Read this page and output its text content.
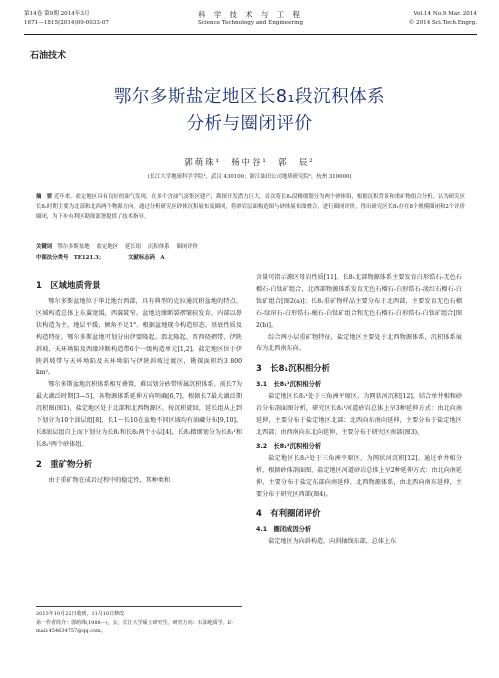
第14卷 第9期 2014年3月
1671—1815(2014)09-0033-07
科 学 技 术 与 工 程
Science Technology and Engineering
Vol.14 No.9 Mar. 2014
© 2014 Sci.Tech.Engrg.
石油技术
鄂尔多斯盐定地区长8₁段沉积体系
分析与圈闭评价
郭萌珠¹　杨中谷¹　郭　辰²
(长江大学地球科学学院¹，武汉 430100；浙江油田公司地质研究院²，杭州 310000)
摘　要 近年来，盐定地区具有良好的油气发现，在多个含油气富集区建产，勘探开发潜力巨大。首次将长8₁段精细划分为两个砂体组，根据沉积背景和重矿物组合分析，认为研究区长8₁时期主要为北部和北西两个物源方向。通过分析研究区砂体沉积展布及圈闭，将砂岩层面构造图与砂体展布图叠合，进行圈闭评价，得出研究区长8₁存在8个规模圈闭和2个评价圈闭，为下步有利区勘探部署提供了技术指导。
关键词 鄂尔多斯盆地 盐定地区 延长组 沉积体系 圈闭评价
中图法分类号　TE121.3；	文献标志码　A
1　区域地质背景

鄂尔多斯盆地位于华北地台西部，具有典型的克拉通沉积盆地的特点。区域构造总体上东翼宽缓，西翼陡窄。盆地边缘断裂褶皱较发育，内部以鼻状构造为主，地层平缓，倾角不足1°。根据盆地现今构造形态、基底性质及构造特征，鄂尔多斯盆地可划分出伊盟隆起、渭北隆起、晋西挠褶带、伊陕斜坡、天环坳陷及西缘冲断构造带6个一级构造单元[1,2]。盐定地区位于伊陕斜坡带与天环坳陷及天环坳陷与伊陕斜坡过渡区，勘探面积约3 800 km²。

鄂尔多斯盆地沉积体系相互叠置，难以划分砂带所属沉积体系。前长7为最大湖泛时期[3—5]，各物源体系延伸方向明确[6,7]。根据长7最大湖泛期沉积图(图1)，盐定地区处于北部和北西物源区。按沉积旋回，延长组从上到下划分为10个油层组[8]，长1～长10在盆地不同区域均有油藏分布[9,10]。长8油层组自上而下划分为长8₁和长8₂两个小层[4]。长8₁精细划分为长8₁¹和长8₁²两个砂体组。

2　重矿物分析

由于重矿物在成岩过程中的稳定性，其种类和

含量可指示源区母岩性质[11]。长8₁北部物源体系主要发育白形锆石-无色石榴石-白钛矿组合，北西部物源体系发育无色石榴石-白形锆石-淡红石榴石-白钛矿组合[图2(a)]；长8₁重矿物样品主要分布于北西部，主要发育无色石榴石-绿帘石-白形锆石-榍石-白钛矿组合和无色石榴石-白形锆石-白钛矿组合[图2(b)]。

综合两小层重矿物特征，盐定地区主要处于北西物源体系，沉积体系展布为北西南东向。

3　长8₁沉积相分析
3.1　长8₁¹沉积相分析

盐定地区长8₁¹处于三角洲平原区，为网状河沉积[12]。结合单井相和砂岩分布剖面图分析，研究区长8₁¹河道砂岩总体上呈3种延伸方式：由北向南延伸，主要分布于盐定地区北部；北西向东南向延伸，主要分布于盐定地区北西部；由西南向东北向延伸，主要分布于研究区南部(图3)。

3.2　长8₁²沉积相分析

盐定地区长8₁²处于三角洲平原区，为网状河沉积[12]。通过单井相分析，根据砂体剖面图，盐定地区河道砂岩总体上呈2种延伸方式：由北向南延伸，主要分布于盐定东部向南延伸，北西物源体系，由北西向南东延伸，主要分布于研究区西部(图4)。

4　有利圈闭评价
4.1　圈闭成因分析

盐定地区为向斜构造，向斜轴线东部，总体上东

2013年10月22日收到，11月10日修改
第一作者简介：郭萌珠(1988—)，女，长江大学硕士研究生。研究方向：石油地质学。E-mail:454634757@qq.com。
